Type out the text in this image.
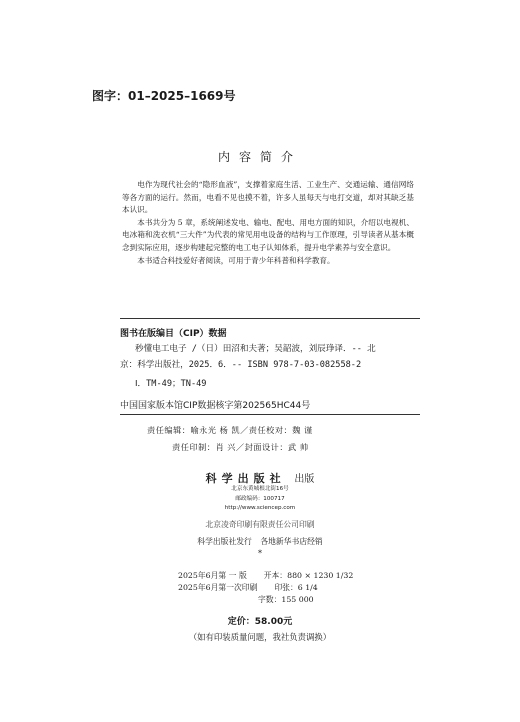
图字：01–2025–1669号
内容简介

电作为现代社会的“隐形血液”，支撑着家庭生活、工业生产、交通运输、通信网络等各方面的运行。然而，电看不见也摸不着，许多人虽每天与电打交道，却对其缺乏基本认识。

本书共分为 5 章，系统阐述发电、输电、配电、用电方面的知识，介绍以电视机、电冰箱和洗衣机“三大件”为代表的常见用电设备的结构与工作原理，引导读者从基本概念到实际应用，逐步构建起完整的电工电子认知体系，提升电学素养与安全意识。

本书适合科技爱好者阅读，可用于青少年科普和科学教育。

图书在版编目（CIP）数据
秒懂电工电子 /（日）田沼和夫著；吴韶波，刘辰琤译．-- 北
京：科学出版社，2025．6．-- ISBN 978-7-03-082558-2
Ⅰ．TM-49；TN-49
中国国家版本馆CIP数据核字第202565HC44号
责任编辑：喻永光 杨 凯／责任校对：魏 谨
责任印制：肖 兴／封面设计：武 帅
科学出版社 出版
北京东黄城根北街16号
邮政编码：100717
http://www.sciencep.com
北京凌奇印刷有限责任公司印刷
科学出版社发行 各地新华书店经销
*
2025年6月第 一 版 开本：880 × 1230 1/32
2025年6月第一次印刷 印张：6 1/4
字数：155 000
定价：58.00元
（如有印装质量问题，我社负责调换）
